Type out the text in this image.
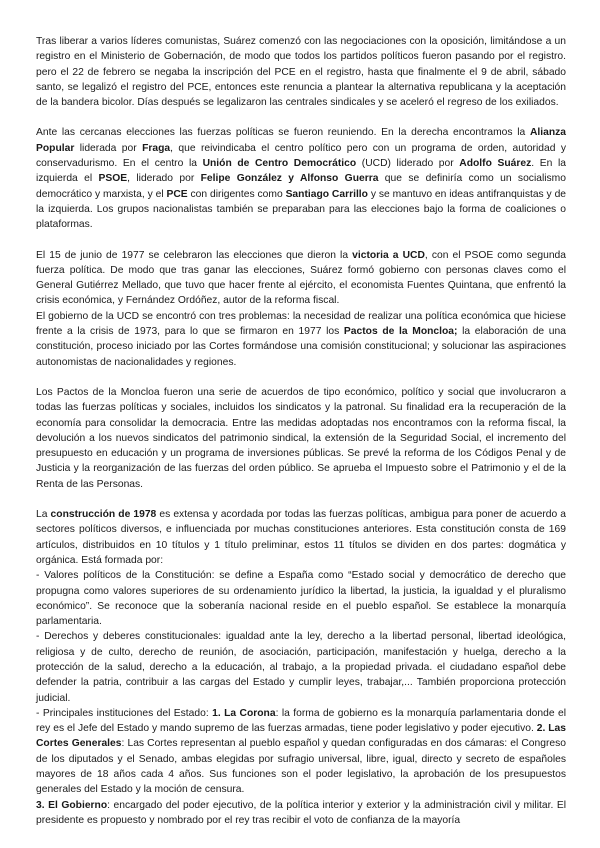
Tras liberar a varios líderes comunistas, Suárez comenzó con las negociaciones con la oposición, limitándose a un registro en el Ministerio de Gobernación, de modo que todos los partidos políticos fueron pasando por el registro. pero el 22 de febrero se negaba la inscripción del PCE en el registro, hasta que finalmente el 9 de abril, sábado santo, se legalizó el registro del PCE, entonces este renuncia a plantear la alternativa republicana y la aceptación de la bandera bicolor. Días después se legalizaron las centrales sindicales y se aceleró el regreso de los exiliados.

Ante las cercanas elecciones las fuerzas políticas se fueron reuniendo. En la derecha encontramos la Alianza Popular liderada por Fraga, que reivindicaba el centro político pero con un programa de orden, autoridad y conservadurismo. En el centro la Unión de Centro Democrático (UCD) liderado por Adolfo Suárez. En la izquierda el PSOE, liderado por Felipe González y Alfonso Guerra que se definiría como un socialismo democrático y marxista, y el PCE con dirigentes como Santiago Carrillo y se mantuvo en ideas antifranquistas y de la izquierda. Los grupos nacionalistas también se preparaban para las elecciones bajo la forma de coaliciones o plataformas.

El 15 de junio de 1977 se celebraron las elecciones que dieron la victoria a UCD, con el PSOE como segunda fuerza política. De modo que tras ganar las elecciones, Suárez formó gobierno con personas claves como el General Gutiérrez Mellado, que tuvo que hacer frente al ejército, el economista Fuentes Quintana, que enfrentó la crisis económica, y Fernández Ordóñez, autor de la reforma fiscal.

El gobierno de la UCD se encontró con tres problemas: la necesidad de realizar una política económica que hiciese frente a la crisis de 1973, para lo que se firmaron en 1977 los Pactos de la Moncloa; la elaboración de una constitución, proceso iniciado por las Cortes formándose una comisión constitucional; y solucionar las aspiraciones autonomistas de nacionalidades y regiones.

Los Pactos de la Moncloa fueron una serie de acuerdos de tipo económico, político y social que involucraron a todas las fuerzas políticas y sociales, incluidos los sindicatos y la patronal. Su finalidad era la recuperación de la economía para consolidar la democracia. Entre las medidas adoptadas nos encontramos con la reforma fiscal, la devolución a los nuevos sindicatos del patrimonio sindical, la extensión de la Seguridad Social, el incremento del presupuesto en educación y un programa de inversiones públicas. Se prevé la reforma de los Códigos Penal y de Justicia y la reorganización de las fuerzas del orden público. Se aprueba el Impuesto sobre el Patrimonio y el de la Renta de las Personas.

La construcción de 1978 es extensa y acordada por todas las fuerzas políticas, ambigua para poner de acuerdo a sectores políticos diversos, e influenciada por muchas constituciones anteriores. Esta constitución consta de 169 artículos, distribuidos en 10 títulos y 1 título preliminar, estos 11 títulos se dividen en dos partes: dogmática y orgánica. Está formada por:

- Valores políticos de la Constitución: se define a España como “Estado social y democrático de derecho que propugna como valores superiores de su ordenamiento jurídico la libertad, la justicia, la igualdad y el pluralismo económico”. Se reconoce que la soberanía nacional reside en el pueblo español. Se establece la monarquía parlamentaria.

- Derechos y deberes constitucionales: igualdad ante la ley, derecho a la libertad personal, libertad ideológica, religiosa y de culto, derecho de reunión, de asociación, participación, manifestación y huelga, derecho a la protección de la salud, derecho a la educación, al trabajo, a la propiedad privada. el ciudadano español debe defender la patria, contribuir a las cargas del Estado y cumplir leyes, trabajar,... También proporciona protección judicial.

- Principales instituciones del Estado: 1. La Corona: la forma de gobierno es la monarquía parlamentaria donde el rey es el Jefe del Estado y mando supremo de las fuerzas armadas, tiene poder legislativo y poder ejecutivo. 2. Las Cortes Generales: Las Cortes representan al pueblo español y quedan configuradas en dos cámaras: el Congreso de los diputados y el Senado, ambas elegidas por sufragio universal, libre, igual, directo y secreto de españoles mayores de 18 años cada 4 años. Sus funciones son el poder legislativo, la aprobación de los presupuestos generales del Estado y la moción de censura.

3. El Gobierno: encargado del poder ejecutivo, de la política interior y exterior y la administración civil y militar. El presidente es propuesto y nombrado por el rey tras recibir el voto de confianza de la mayoría
